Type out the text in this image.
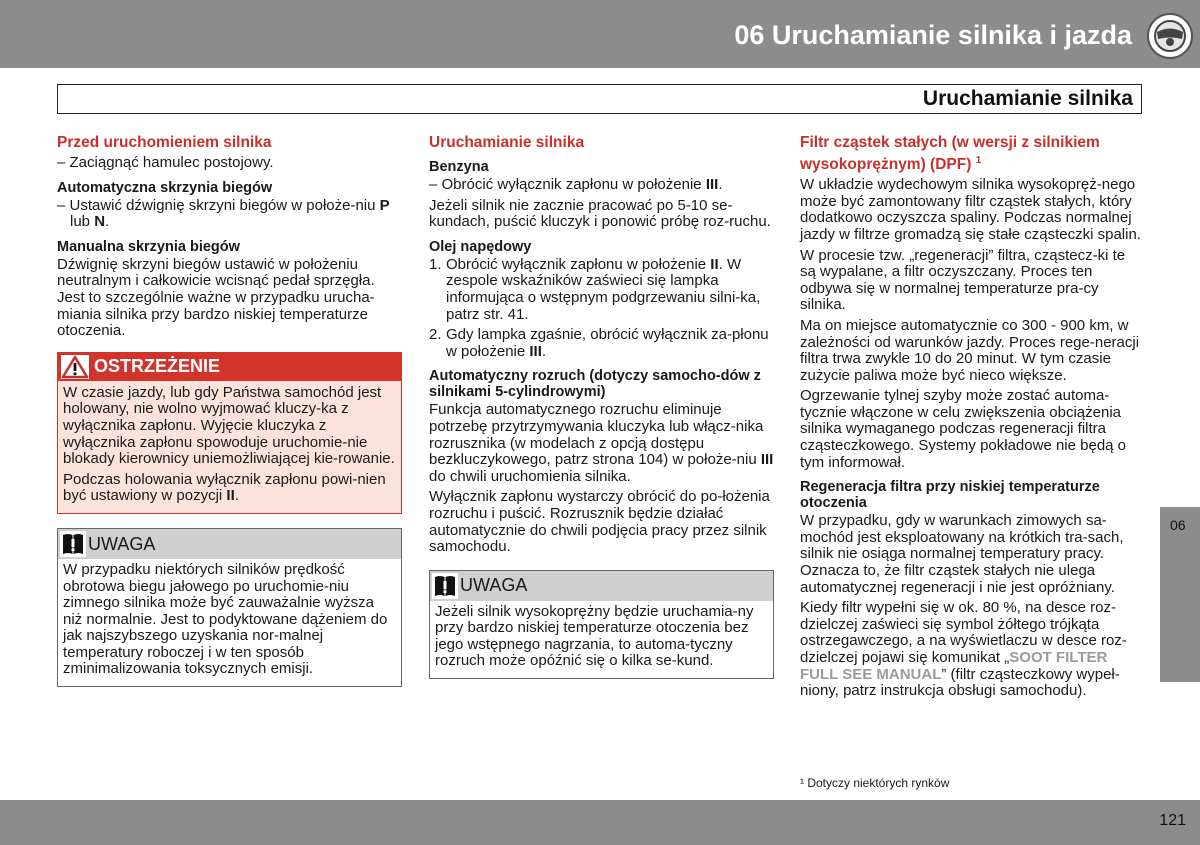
06 Uruchamianie silnika i jazda
Uruchamianie silnika
Przed uruchomieniem silnika

– Zaciągnąć hamulec postojowy.

Automatyczna skrzynia biegów

– Ustawić dźwignię skrzyni biegów w położe-niu P lub N.

Manualna skrzynia biegów

Dźwignię skrzyni biegów ustawić w położeniu neutralnym i całkowicie wcisnąć pedał sprzęgła. Jest to szczególnie ważne w przypadku urucha-miania silnika przy bardzo niskiej temperaturze otoczenia.

OSTRZEŻENIE

W czasie jazdy, lub gdy Państwa samochód jest holowany, nie wolno wyjmować kluczy-ka z wyłącznika zapłonu. Wyjęcie kluczyka z wyłącznika zapłonu spowoduje uruchomie-nie blokady kierownicy uniemożliwiającej kie-rowanie.

Podczas holowania wyłącznik zapłonu powi-nien być ustawiony w pozycji II.

UWAGA

W przypadku niektórych silników prędkość obrotowa biegu jałowego po uruchomie-niu zimnego silnika może być zauważalnie wyższa niż normalnie. Jest to podyktowane dążeniem do jak najszybszego uzyskania nor-malnej temperatury roboczej i w ten sposób zminimalizowania toksycznych emisji.

Uruchamianie silnika
Benzyna

– Obrócić wyłącznik zapłonu w położenie III.

Jeżeli silnik nie zacznie pracować po 5-10 se-kundach, puścić kluczyk i ponowić próbę roz-ruchu.

Olej napędowy
1. Obrócić wyłącznik zapłonu w położenie II. W zespole wskaźników zaświeci się lampka informująca o wstępnym podgrzewaniu silni-ka, patrz str. 41.
2. Gdy lampka zgaśnie, obrócić wyłącznik za-płonu w położenie III.
Automatyczny rozruch (dotyczy samocho-dów z silnikami 5-cylindrowymi)

Funkcja automatycznego rozruchu eliminuje potrzebę przytrzymywania kluczyka lub włącz-nika rozrusznika (w modelach z opcją dostępu bezkluczykowego, patrz strona 104) w położe-niu III do chwili uruchomienia silnika.

Wyłącznik zapłonu wystarczy obrócić do po-łożenia rozruchu i puścić. Rozrusznik będzie działać automatycznie do chwili podjęcia pracy przez silnik samochodu.

UWAGA

Jeżeli silnik wysokoprężny będzie uruchamia-ny przy bardzo niskiej temperaturze otoczenia bez jego wstępnego nagrzania, to automa-tyczny rozruch może opóźnić się o kilka se-kund.

Filtr cząstek stałych (w wersji z silnikiem wysokoprężnym) (DPF) $^1$

W układzie wydechowym silnika wysokopręż-nego może być zamontowany filtr cząstek stałych, który dodatkowo oczyszcza spaliny. Podczas normalnej jazdy w filtrze gromadzą się stałe cząsteczki spalin.

W procesie tzw. „regeneracji” filtra, cząstecz-ki te są wypalane, a filtr oczyszczany. Proces ten odbywa się w normalnej temperaturze pra-cy silnika.

Ma on miejsce automatycznie co 300 - 900 km, w zależności od warunków jazdy. Proces rege-neracji filtra trwa zwykle 10 do 20 minut. W tym czasie zużycie paliwa może być nieco większe.

Ogrzewanie tylnej szyby może zostać automa-tycznie włączone w celu zwiększenia obciążenia silnika wymaganego podczas regeneracji filtra cząsteczkowego. Systemy pokładowe nie będą o tym informował.

Regeneracja filtra przy niskiej temperaturze otoczenia

W przypadku, gdy w warunkach zimowych sa-mochód jest eksploatowany na krótkich tra-sach, silnik nie osiąga normalnej temperatury pracy. Oznacza to, że filtr cząstek stałych nie ulega automatycznej regeneracji i nie jest opróżniany.

Kiedy filtr wypełni się w ok. 80 %, na desce roz-dzielczej zaświeci się symbol żółtego trójkąta ostrzegawczego, a na wyświetlaczu w desce roz-dzielczej pojawi się komunikat „SOOT FILTER FULL SEE MANUAL” (filtr cząsteczkowy wypeł-niony, patrz instrukcja obsługi samochodu).

¹ Dotyczy niektórych rynków
06
121
